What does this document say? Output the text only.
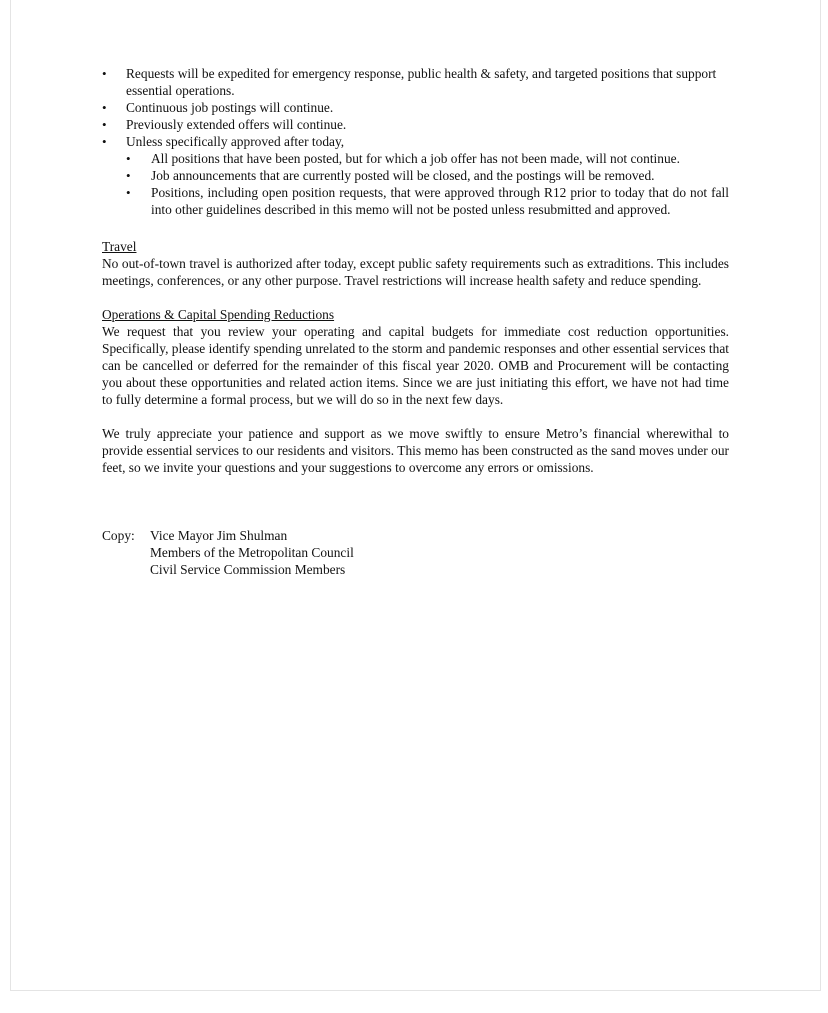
•	Requests will be expedited for emergency response, public health & safety, and targeted positions that support essential operations.
•	Continuous job postings will continue.
•	Previously extended offers will continue.
•	Unless specifically approved after today,
•	All positions that have been posted, but for which a job offer has not been made, will not continue.
•	Job announcements that are currently posted will be closed, and the postings will be removed.
•	Positions, including open position requests, that were approved through R12 prior to today that do not fall into other guidelines described in this memo will not be posted unless resubmitted and approved.
Travel

No out-of-town travel is authorized after today, except public safety requirements such as extraditions. This includes meetings, conferences, or any other purpose. Travel restrictions will increase health safety and reduce spending.

Operations & Capital Spending Reductions

We request that you review your operating and capital budgets for immediate cost reduction opportunities. Specifically, please identify spending unrelated to the storm and pandemic responses and other essential services that can be cancelled or deferred for the remainder of this fiscal year 2020. OMB and Procurement will be contacting you about these opportunities and related action items. Since we are just initiating this effort, we have not had time to fully determine a formal process, but we will do so in the next few days.

We truly appreciate your patience and support as we move swiftly to ensure Metro’s financial wherewithal to provide essential services to our residents and visitors. This memo has been constructed as the sand moves under our feet, so we invite your questions and your suggestions to overcome any errors or omissions.

Copy:	Vice Mayor Jim Shulman
Members of the Metropolitan Council
Civil Service Commission Members
